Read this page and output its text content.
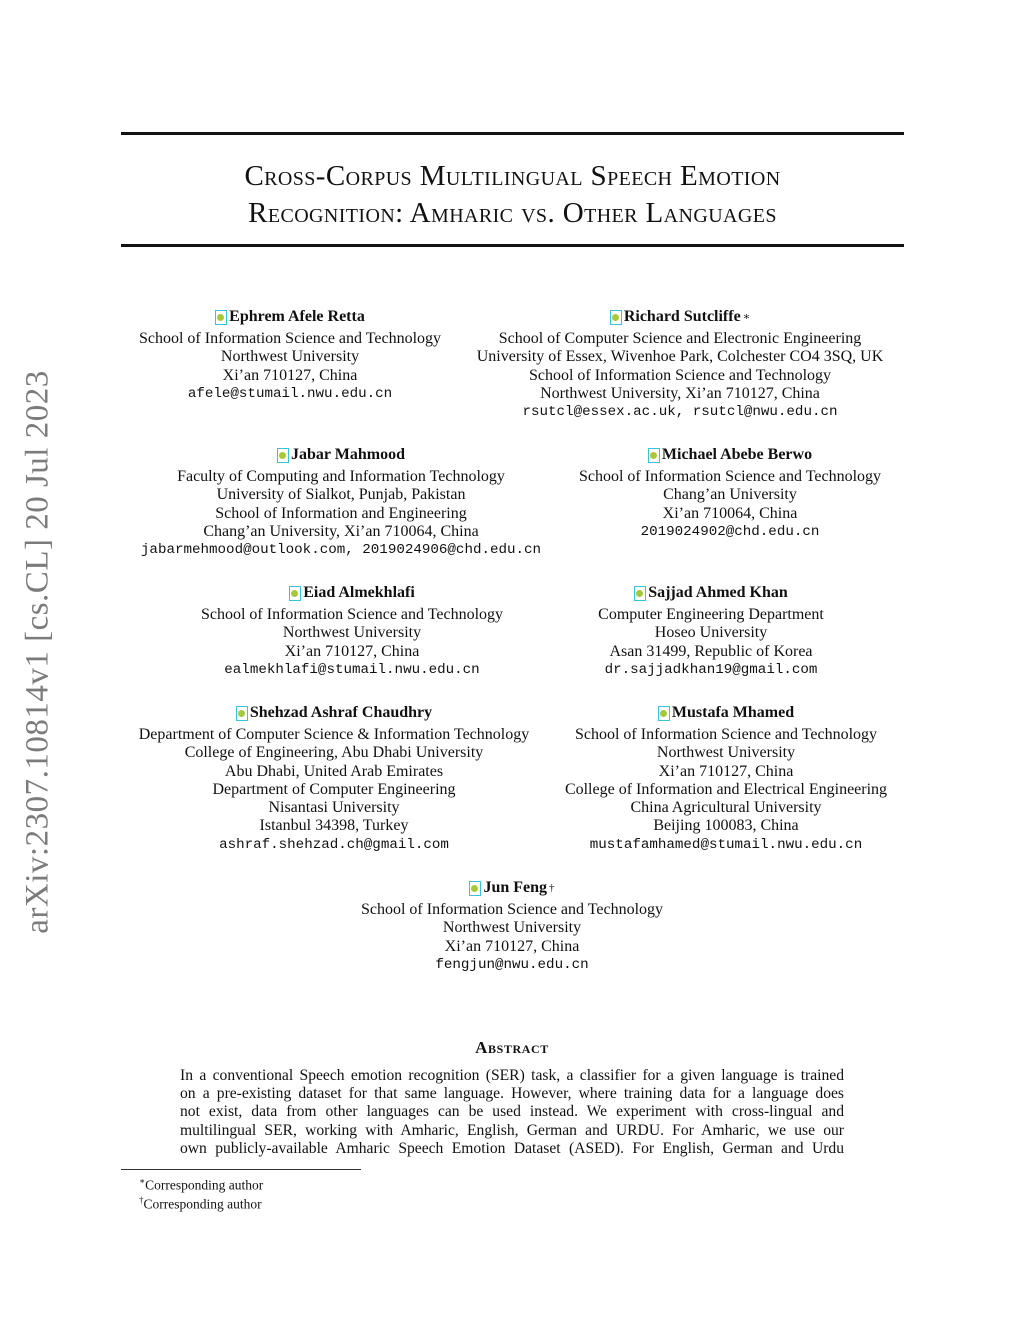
arXiv:2307.10814v1 [cs.CL] 20 Jul 2023
Cross-Corpus Multilingual Speech Emotion
Recognition: Amharic vs. Other Languages
Ephrem Afele Retta
School of Information Science and Technology
Northwest University
Xi’an 710127, China
afele@stumail.nwu.edu.cn
Richard Sutcliffe ∗
School of Computer Science and Electronic Engineering
University of Essex, Wivenhoe Park, Colchester CO4 3SQ, UK
School of Information Science and Technology
Northwest University, Xi’an 710127, China
rsutcl@essex.ac.uk, rsutcl@nwu.edu.cn
Jabar Mahmood
Faculty of Computing and Information Technology
University of Sialkot, Punjab, Pakistan
School of Information and Engineering
Chang’an University, Xi’an 710064, China
jabarmehmood@outlook.com, 2019024906@chd.edu.cn
Michael Abebe Berwo
School of Information Science and Technology
Chang’an University
Xi’an 710064, China
2019024902@chd.edu.cn
Eiad Almekhlafi
School of Information Science and Technology
Northwest University
Xi’an 710127, China
ealmekhlafi@stumail.nwu.edu.cn
Sajjad Ahmed Khan
Computer Engineering Department
Hoseo University
Asan 31499, Republic of Korea
dr.sajjadkhan19@gmail.com
Shehzad Ashraf Chaudhry
Department of Computer Science & Information Technology
College of Engineering, Abu Dhabi University
Abu Dhabi, United Arab Emirates
Department of Computer Engineering
Nisantasi University
Istanbul 34398, Turkey
ashraf.shehzad.ch@gmail.com
Mustafa Mhamed
School of Information Science and Technology
Northwest University
Xi’an 710127, China
College of Information and Electrical Engineering
China Agricultural University
Beijing 100083, China
mustafamhamed@stumail.nwu.edu.cn
Jun Feng †
School of Information Science and Technology
Northwest University
Xi’an 710127, China
fengjun@nwu.edu.cn
Abstract
In a conventional Speech emotion recognition (SER) task, a classifier for a given language is trained
on a pre-existing dataset for that same language. However, where training data for a language does
not exist, data from other languages can be used instead. We experiment with cross-lingual and
multilingual SER, working with Amharic, English, German and URDU. For Amharic, we use our
own publicly-available Amharic Speech Emotion Dataset (ASED). For English, German and Urdu
∗Corresponding author
†Corresponding author
